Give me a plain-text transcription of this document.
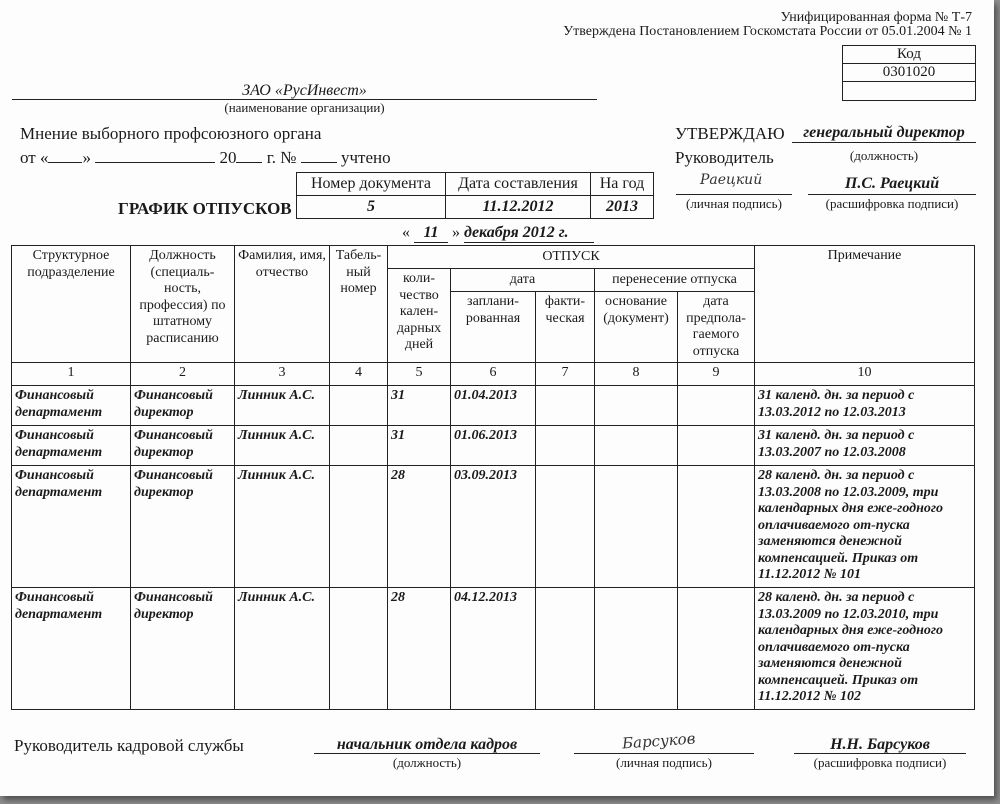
Унифицированная форма № Т-7
Утверждена Постановлением Госкомстата России от 05.01.2004 № 1
Код
0301020
ЗАО «РусИнвест»
(наименование организации)
Мнение выборного профсоюзного органа
от « »	20 г. №	учтено
УТВЕРЖДАЮ	генеральный директор
Руководитель	(должность)
Раецкий
(личная подпись)
П.С. Раецкий
(расшифровка подписи)
ГРАФИК ОТПУСКОВ
Номер документа	Дата составления	На год
5	11.12.2012	2013
« 11 » декабря 2012 г.
Структурное подразделение	Должность (специаль-ность, профессия) по штатному расписанию	Фамилия, имя, отчество	Табель-ный номер	ОТПУСК					Примечание
				коли-чество кален-дарных дней	дата		перенесение отпуска		
					заплани-рованная	факти-ческая	основание (документ)	дата предпола-гаемого отпуска	
1	2	3	4	5	6	7	8	9	10
Финансовый департамент	Финансовый директор	Линник А.С.		31	01.04.2013				31 календ. дн. за период с 13.03.2012 по 12.03.2013
Финансовый департамент	Финансовый директор	Линник А.С.		31	01.06.2013				31 календ. дн. за период с 13.03.2007 по 12.03.2008
Финансовый департамент	Финансовый директор	Линник А.С.		28	03.09.2013				28 календ. дн. за период с 13.03.2008 по 12.03.2009, три календарных дня еже-годного оплачиваемого от-пуска заменяются денежной компенсацией. Приказ от 11.12.2012 № 101
Финансовый департамент	Финансовый директор	Линник А.С.		28	04.12.2013				28 календ. дн. за период с 13.03.2009 по 12.03.2010, три календарных дня еже-годного оплачиваемого от-пуска заменяются денежной компенсацией. Приказ от 11.12.2012 № 102
Руководитель кадровой службы	начальник отдела кадров
(должность)
Барсуков
(личная подпись)
Н.Н. Барсуков
(расшифровка подписи)
